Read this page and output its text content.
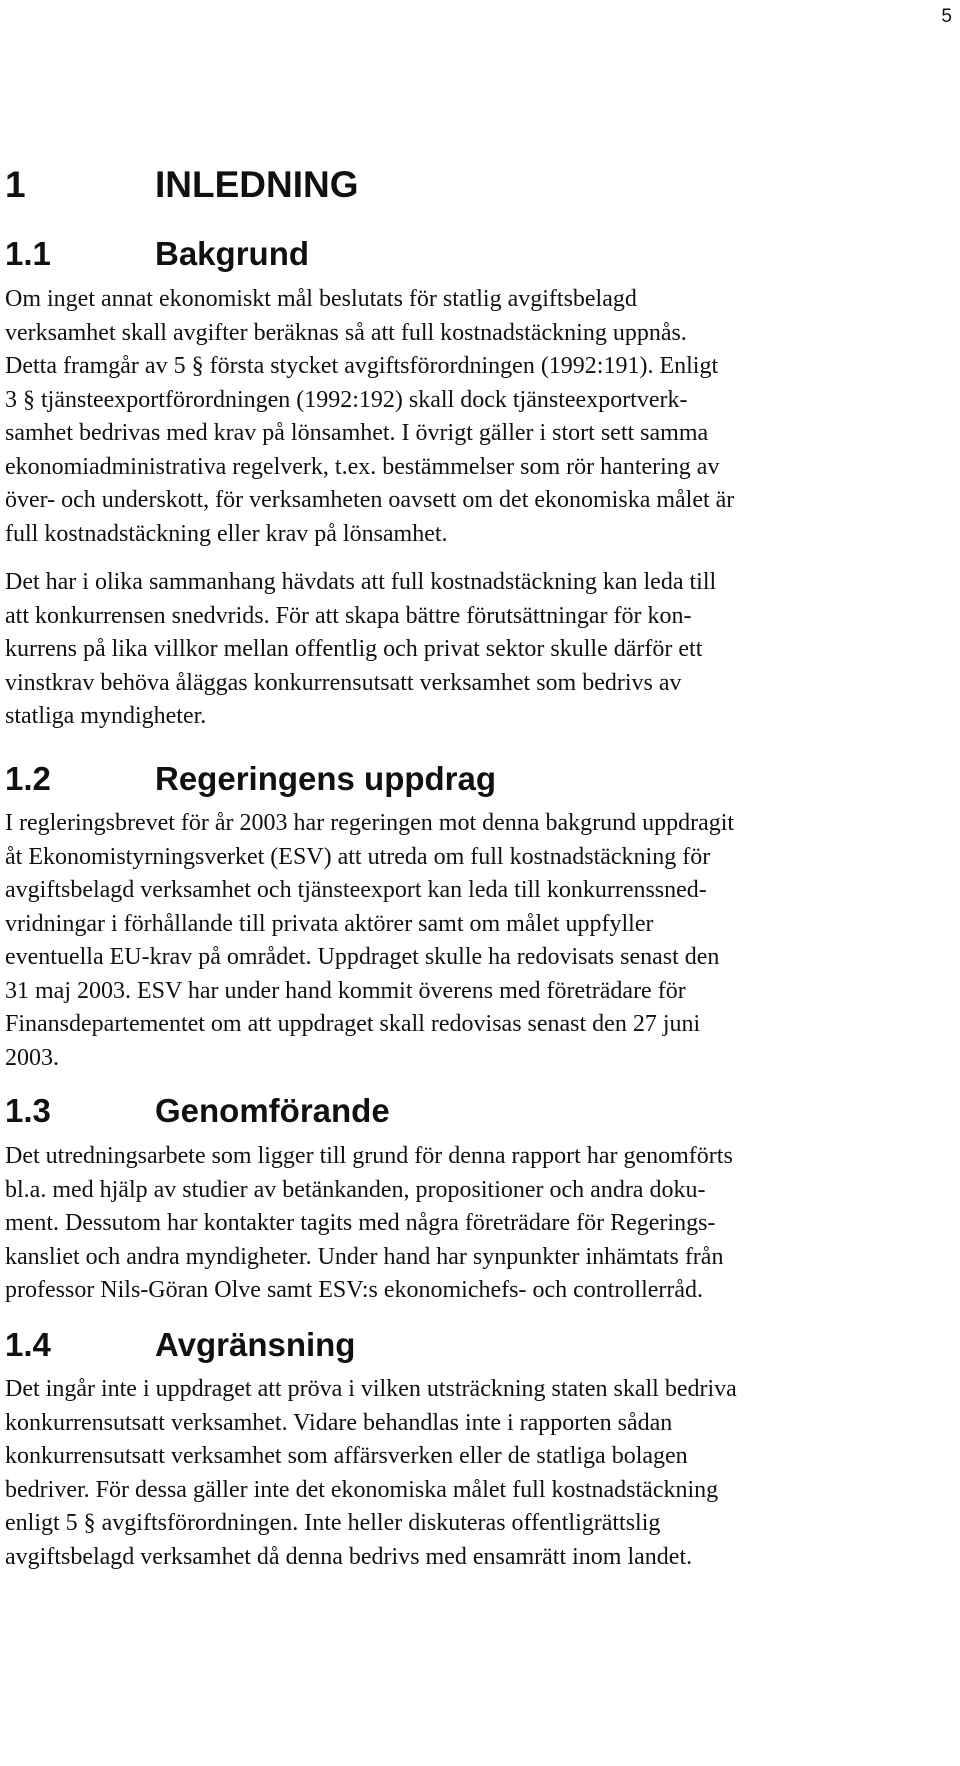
5
1	INLEDNING
1.1	Bakgrund

Om inget annat ekonomiskt mål beslutats för statlig avgiftsbelagd
verksamhet skall avgifter beräknas så att full kostnadstäckning uppnås.
Detta framgår av 5 § första stycket avgiftsförordningen (1992:191). Enligt
3 § tjänsteexportförordningen (1992:192) skall dock tjänsteexportverk-
samhet bedrivas med krav på lönsamhet. I övrigt gäller i stort sett samma
ekonomiadministrativa regelverk, t.ex. bestämmelser som rör hantering av
över- och underskott, för verksamheten oavsett om det ekonomiska målet är
full kostnadstäckning eller krav på lönsamhet.

Det har i olika sammanhang hävdats att full kostnadstäckning kan leda till
att konkurrensen snedvrids. För att skapa bättre förutsättningar för kon-
kurrens på lika villkor mellan offentlig och privat sektor skulle därför ett
vinstkrav behöva åläggas konkurrensutsatt verksamhet som bedrivs av
statliga myndigheter.

1.2	Regeringens uppdrag

I regleringsbrevet för år 2003 har regeringen mot denna bakgrund uppdragit
åt Ekonomistyrningsverket (ESV) att utreda om full kostnadstäckning för
avgiftsbelagd verksamhet och tjänsteexport kan leda till konkurrenssned-
vridningar i förhållande till privata aktörer samt om målet uppfyller
eventuella EU-krav på området. Uppdraget skulle ha redovisats senast den
31 maj 2003. ESV har under hand kommit överens med företrädare för
Finansdepartementet om att uppdraget skall redovisas senast den 27 juni
2003.

1.3	Genomförande

Det utredningsarbete som ligger till grund för denna rapport har genomförts
bl.a. med hjälp av studier av betänkanden, propositioner och andra doku-
ment. Dessutom har kontakter tagits med några företrädare för Regerings-
kansliet och andra myndigheter. Under hand har synpunkter inhämtats från
professor Nils-Göran Olve samt ESV:s ekonomichefs- och controllerråd.

1.4	Avgränsning

Det ingår inte i uppdraget att pröva i vilken utsträckning staten skall bedriva
konkurrensutsatt verksamhet. Vidare behandlas inte i rapporten sådan
konkurrensutsatt verksamhet som affärsverken eller de statliga bolagen
bedriver. För dessa gäller inte det ekonomiska målet full kostnadstäckning
enligt 5 § avgiftsförordningen. Inte heller diskuteras offentligrättslig
avgiftsbelagd verksamhet då denna bedrivs med ensamrätt inom landet.
